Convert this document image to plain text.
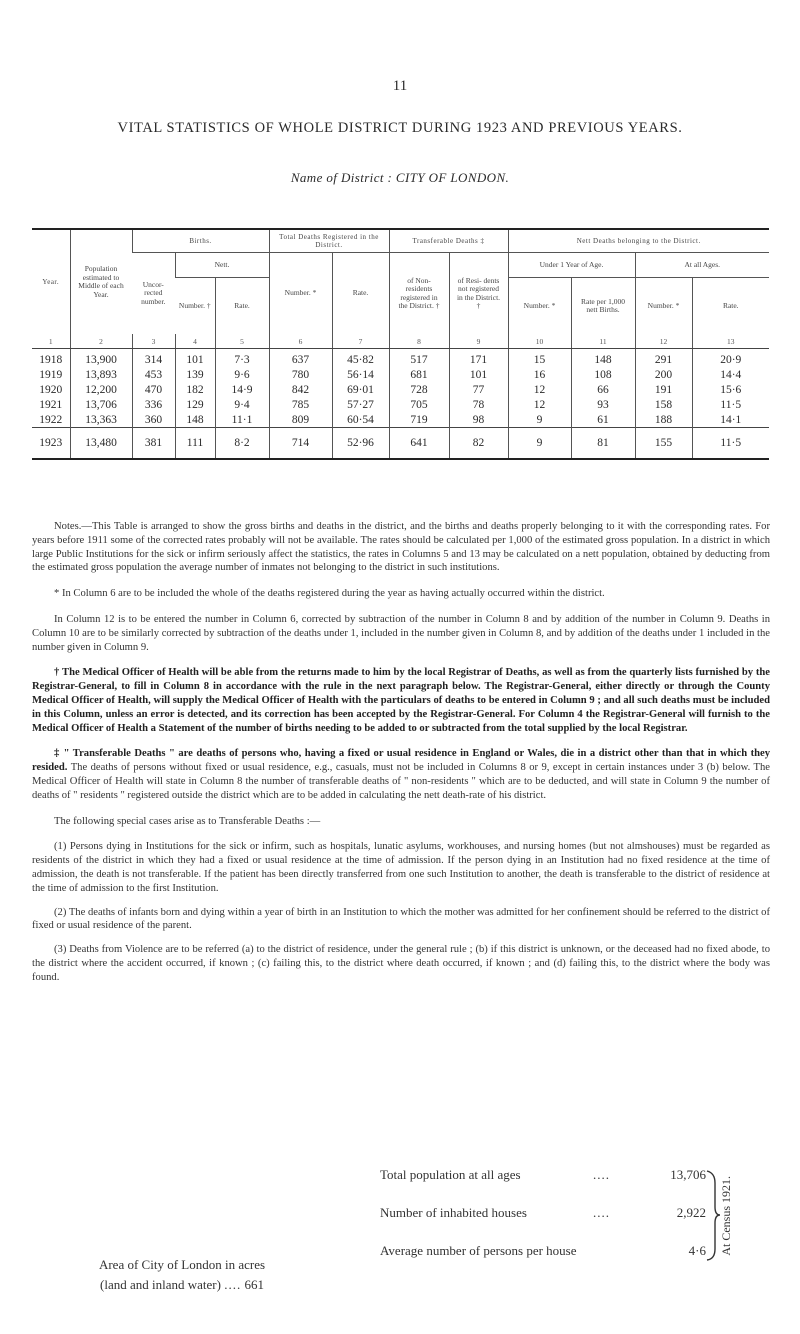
11
VITAL STATISTICS OF WHOLE DISTRICT DURING 1923 AND PREVIOUS YEARS.
Name of District : CITY OF LONDON.
Year.	Population estimated to Middle of each Year.	Births.			Total Deaths Registered in the District.		Transferable Deaths ‡		Nett Deaths belonging to the District.			
		Uncor- rected number.	Nett.		Number. *	Rate.	of Non- residents registered in the District. †	of Resi- dents not registered in the District. †	Under 1 Year of Age.		At all Ages.	
			Number. †	Rate.					Number. *	Rate per 1,000 nett Births.	Number. *	Rate.
1	2	3	4	5	6	7	8	9	10	11	12	13
1918	13,900	314	101	7·3	637	45·82	517	171	15	148	291	20·9
1919	13,893	453	139	9·6	780	56·14	681	101	16	108	200	14·4
1920	12,200	470	182	14·9	842	69·01	728	77	12	66	191	15·6
1921	13,706	336	129	9·4	785	57·27	705	78	12	93	158	11·5
1922	13,363	360	148	11·1	809	60·54	719	98	9	61	188	14·1
1923	13,480	381	111	8·2	714	52·96	641	82	9	81	155	11·5

Notes.—This Table is arranged to show the gross births and deaths in the district, and the births and deaths properly belonging to it with the corresponding rates. For years before 1911 some of the corrected rates probably will not be available. The rates should be calculated per 1,000 of the estimated gross population. In a district in which large Public Institutions for the sick or infirm seriously affect the statistics, the rates in Columns 5 and 13 may be calculated on a nett population, obtained by deducting from the estimated gross population the average number of inmates not belonging to the district in such institutions.

* In Column 6 are to be included the whole of the deaths registered during the year as having actually occurred within the district.

In Column 12 is to be entered the number in Column 6, corrected by subtraction of the number in Column 8 and by addition of the number in Column 9. Deaths in Column 10 are to be similarly corrected by subtraction of the deaths under 1, included in the number given in Column 8, and by addition of the deaths under 1 included in the number given in Column 9.

† The Medical Officer of Health will be able from the returns made to him by the local Registrar of Deaths, as well as from the quarterly lists furnished by the Registrar-General, to fill in Column 8 in accordance with the rule in the next paragraph below. The Registrar-General, either directly or through the County Medical Officer of Health, will supply the Medical Officer of Health with the particulars of deaths to be entered in Column 9 ; and all such deaths must be included in this Column, unless an error is detected, and its correction has been accepted by the Registrar-General. For Column 4 the Registrar-General will furnish to the Medical Officer of Health a Statement of the number of births needing to be added to or subtracted from the total supplied by the local Registrar.

‡ " Transferable Deaths " are deaths of persons who, having a fixed or usual residence in England or Wales, die in a district other than that in which they resided. The deaths of persons without fixed or usual residence, e.g., casuals, must not be included in Columns 8 or 9, except in certain instances under 3 (b) below. The Medical Officer of Health will state in Column 8 the number of transferable deaths of " non-residents " which are to be deducted, and will state in Column 9 the number of deaths of " residents " registered outside the district which are to be added in calculating the nett death-rate of his district.

The following special cases arise as to Transferable Deaths :—

(1) Persons dying in Institutions for the sick or infirm, such as hospitals, lunatic asylums, workhouses, and nursing homes (but not almshouses) must be regarded as residents of the district in which they had a fixed or usual residence at the time of admission. If the person dying in an Institution had no fixed residence at the time of admission, the death is not transferable. If the patient has been directly transferred from one such Institution to another, the death is transferable to the district of residence at the time of admission to the first Institution.

(2) The deaths of infants born and dying within a year of birth in an Institution to which the mother was admitted for her confinement should be referred to the district of fixed or usual residence of the parent.

(3) Deaths from Violence are to be referred (a) to the district of residence, under the general rule ; (b) if this district is unknown, or the deceased had no fixed abode, to the district where the accident occurred, if known ; (c) failing this, to the district where death occurred, if known ; and (d) failing this, to the district where the body was found.

Area of City of London in acres
(land and inland water) .... 661
Total population at all ages	....	13,706
Number of inhabited houses	....	2,922
Average number of persons per house	4·6 At Census 1921.
